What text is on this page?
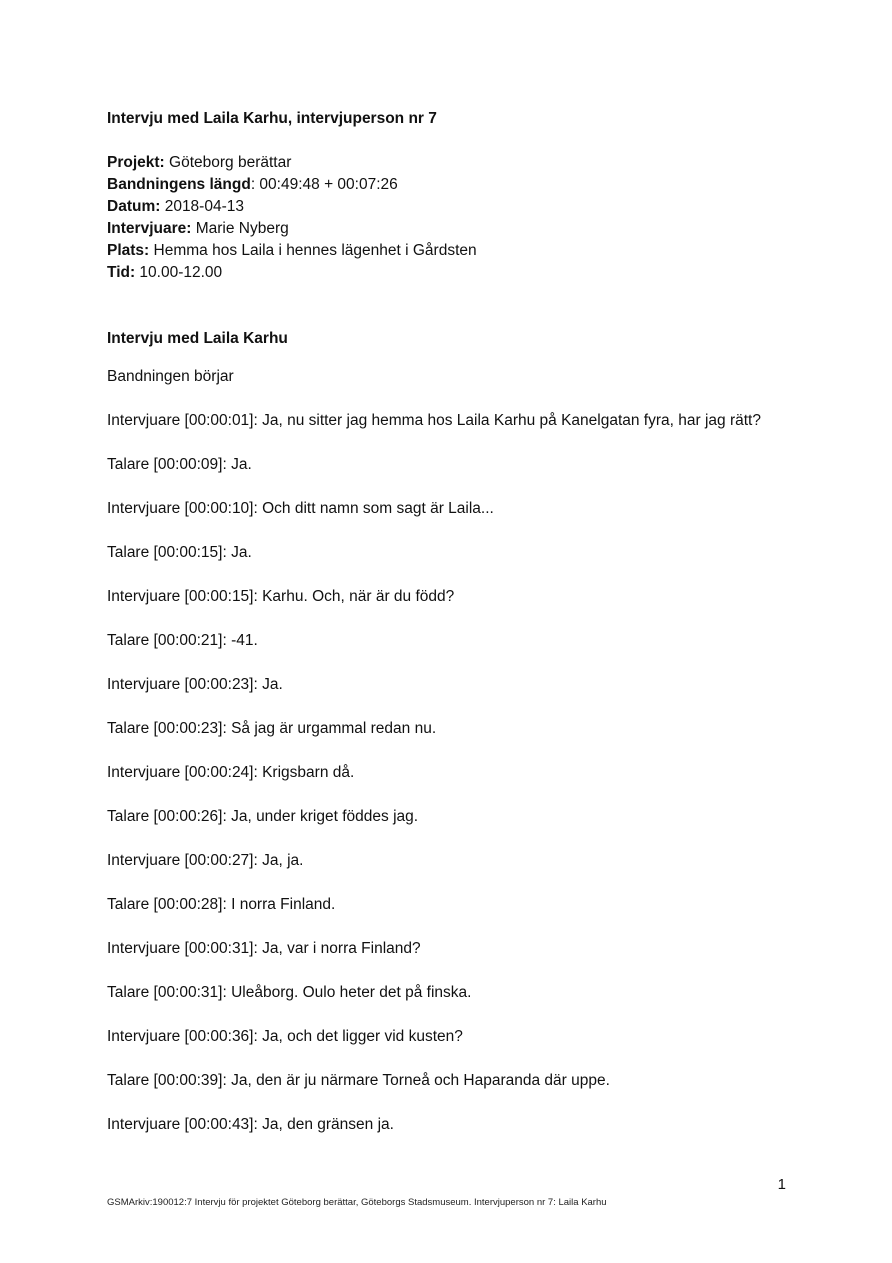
Intervju med Laila Karhu, intervjuperson nr 7

Projekt: Göteborg berättar

Bandningens längd: 00:49:48 + 00:07:26

Datum: 2018-04-13

Intervjuare: Marie Nyberg

Plats: Hemma hos Laila i hennes lägenhet i Gårdsten

Tid: 10.00-12.00

Intervju med Laila Karhu

Bandningen börjar

Intervjuare [00:00:01]: Ja, nu sitter jag hemma hos Laila Karhu på Kanelgatan fyra, har jag rätt?

Talare [00:00:09]: Ja.

Intervjuare [00:00:10]: Och ditt namn som sagt är Laila...

Talare [00:00:15]: Ja.

Intervjuare [00:00:15]: Karhu. Och, när är du född?

Talare [00:00:21]: -41.

Intervjuare [00:00:23]: Ja.

Talare [00:00:23]: Så jag är urgammal redan nu.

Intervjuare [00:00:24]: Krigsbarn då.

Talare [00:00:26]: Ja, under kriget föddes jag.

Intervjuare [00:00:27]: Ja, ja.

Talare [00:00:28]: I norra Finland.

Intervjuare [00:00:31]: Ja, var i norra Finland?

Talare [00:00:31]: Uleåborg. Oulo heter det på finska.

Intervjuare [00:00:36]: Ja, och det ligger vid kusten?

Talare [00:00:39]: Ja, den är ju närmare Torneå och Haparanda där uppe.

Intervjuare [00:00:43]: Ja, den gränsen ja.

1
GSMArkiv:190012:7 Intervju för projektet Göteborg berättar, Göteborgs Stadsmuseum. Intervjuperson nr 7: Laila Karhu
